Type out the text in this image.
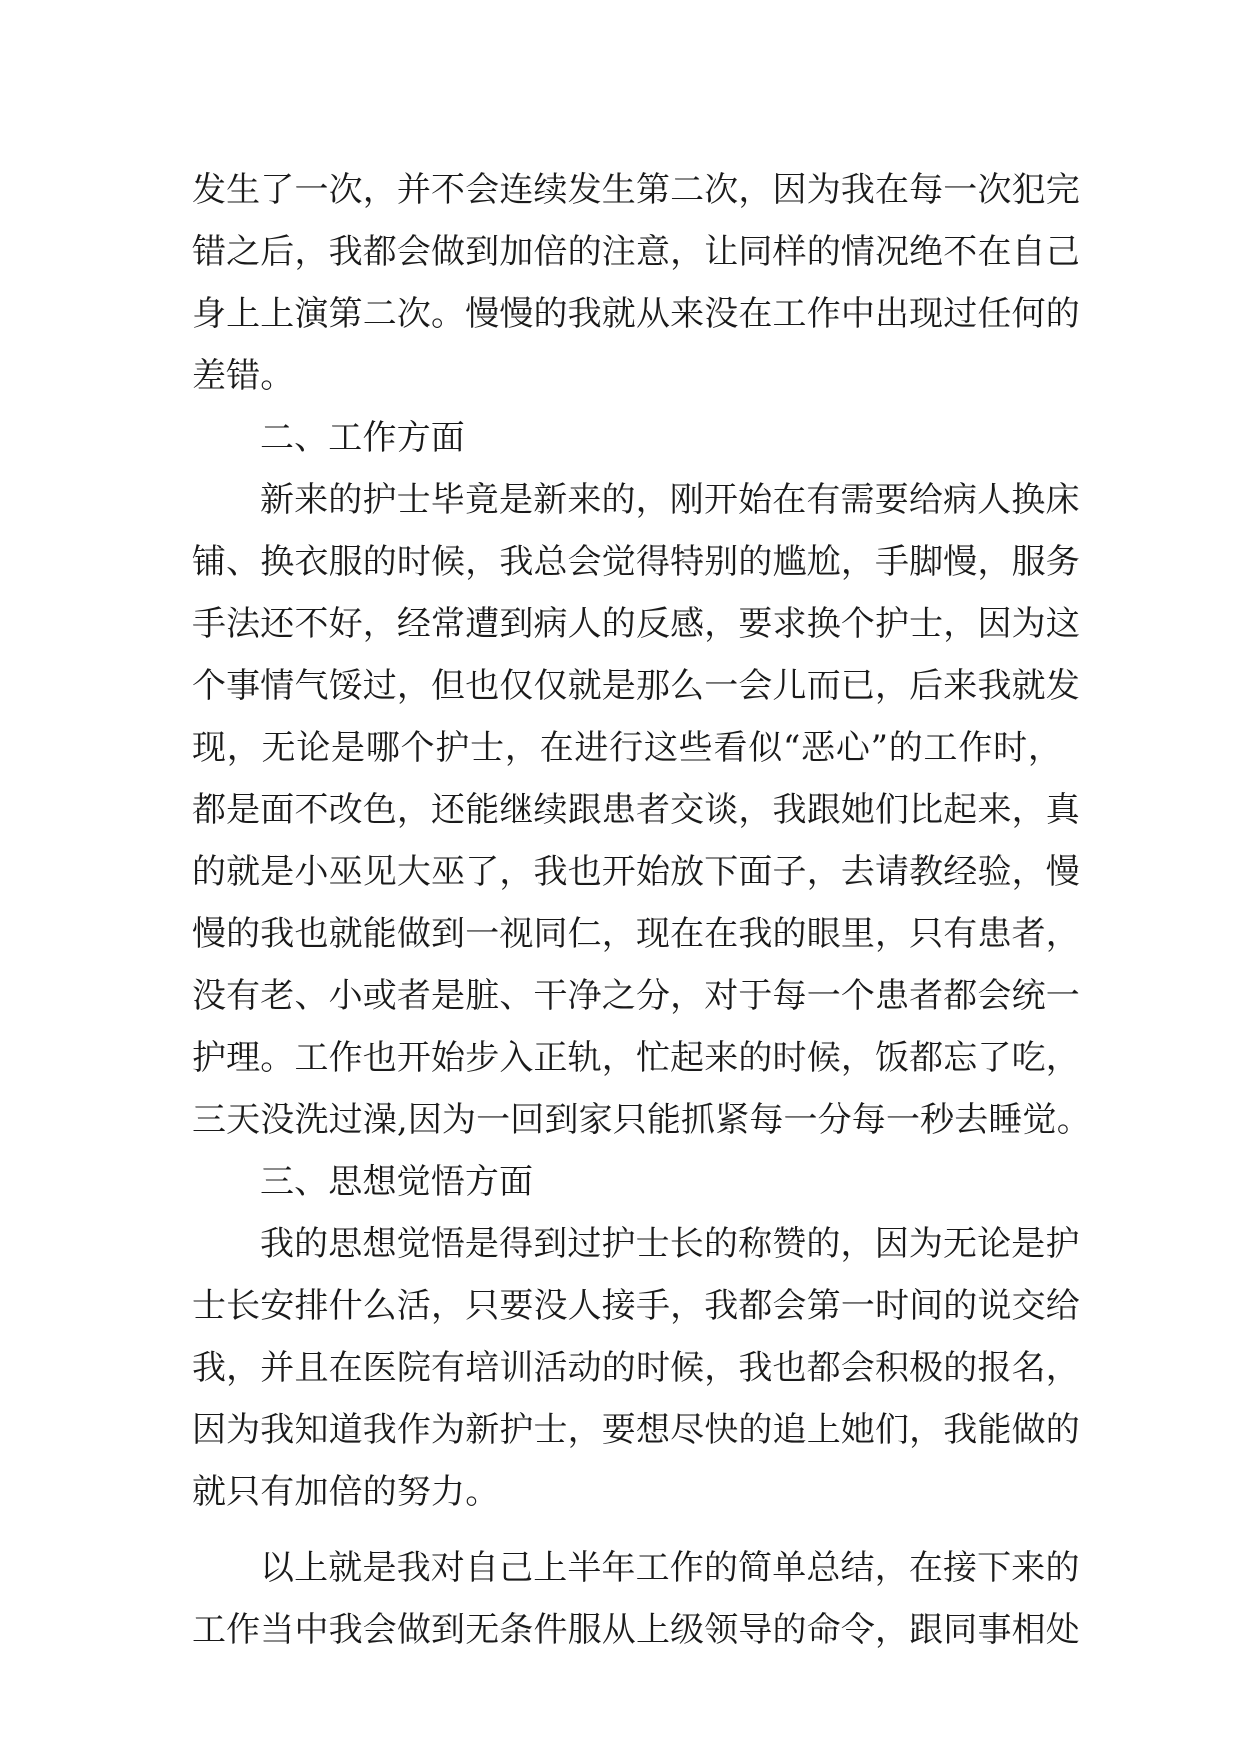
发生了一次，并不会连续发生第二次，因为我在每一次犯完
错之后，我都会做到加倍的注意，让同样的情况绝不在自己
身上上演第二次。慢慢的我就从来没在工作中出现过任何的
差错。
二、工作方面
新来的护士毕竟是新来的，刚开始在有需要给病人换床
铺、换衣服的时候，我总会觉得特别的尴尬，手脚慢，服务
手法还不好，经常遭到病人的反感，要求换个护士，因为这
个事情气馁过，但也仅仅就是那么一会儿而已，后来我就发
现，无论是哪个护士，在进行这些看似“恶心”的工作时，
都是面不改色，还能继续跟患者交谈，我跟她们比起来，真
的就是小巫见大巫了，我也开始放下面子，去请教经验，慢
慢的我也就能做到一视同仁，现在在我的眼里，只有患者，
没有老、小或者是脏、干净之分，对于每一个患者都会统一
护理。工作也开始步入正轨，忙起来的时候，饭都忘了吃，
三天没洗过澡,因为一回到家只能抓紧每一分每一秒去睡觉。
三、思想觉悟方面
我的思想觉悟是得到过护士长的称赞的，因为无论是护
士长安排什么活，只要没人接手，我都会第一时间的说交给
我，并且在医院有培训活动的时候，我也都会积极的报名，
因为我知道我作为新护士，要想尽快的追上她们，我能做的
就只有加倍的努力。
以上就是我对自己上半年工作的简单总结，在接下来的
工作当中我会做到无条件服从上级领导的命令，跟同事相处
